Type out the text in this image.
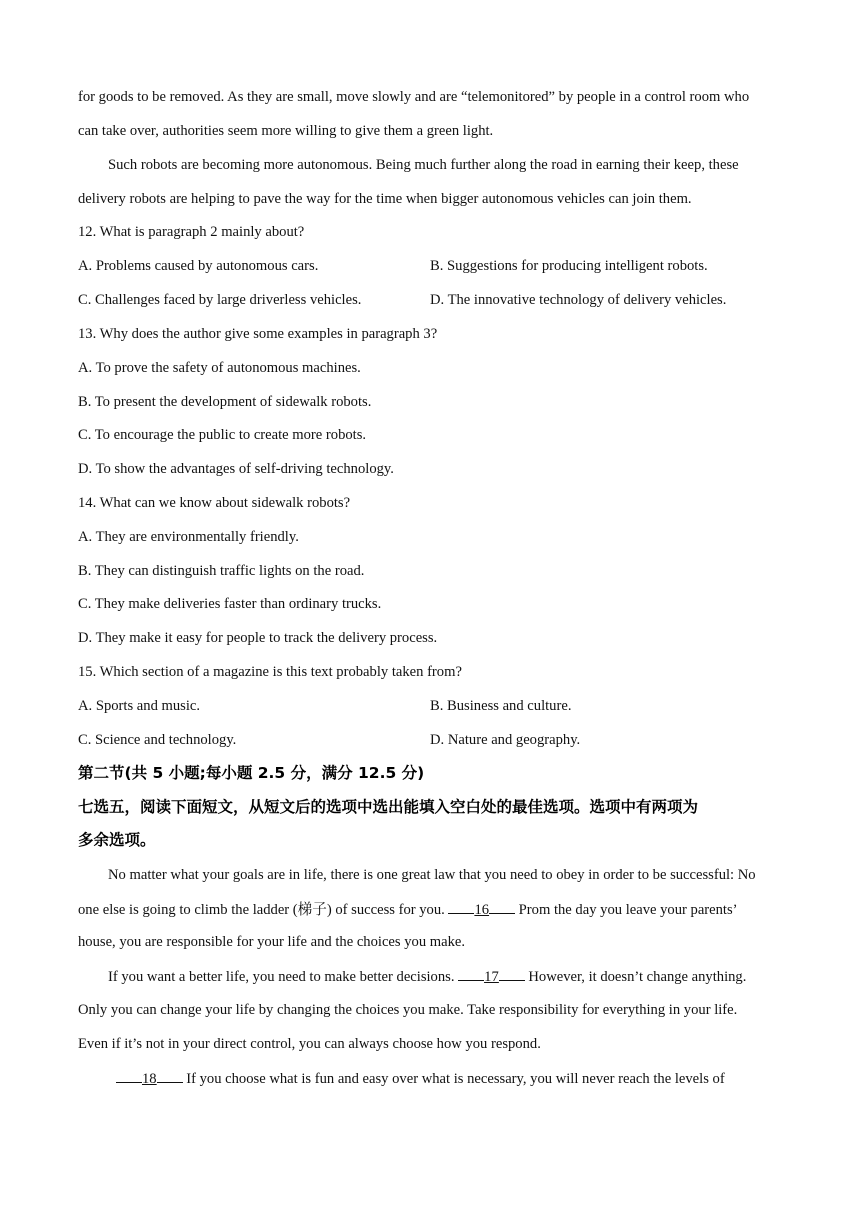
for goods to be removed. As they are small, move slowly and are “telemonitored” by people in a control room who
can take over, authorities seem more willing to give them a green light.
Such robots are becoming more autonomous. Being much further along the road in earning their keep, these
delivery robots are helping to pave the way for the time when bigger autonomous vehicles can join them.
12. What is paragraph 2 mainly about?
A. Problems caused by autonomous cars.	B. Suggestions for producing intelligent robots.
C. Challenges faced by large driverless vehicles.	D. The innovative technology of delivery vehicles.
13. Why does the author give some examples in paragraph 3?
A. To prove the safety of autonomous machines.
B. To present the development of sidewalk robots.
C. To encourage the public to create more robots.
D. To show the advantages of self-driving technology.
14. What can we know about sidewalk robots?
A. They are environmentally friendly.
B. They can distinguish traffic lights on the road.
C. They make deliveries faster than ordinary trucks.
D. They make it easy for people to track the delivery process.
15. Which section of a magazine is this text probably taken from?
A. Sports and music.	B. Business and culture.
C. Science and technology.	D. Nature and geography.
第二节(共 5 小题;每小题 2.5 分，满分 12.5 分)
七选五，阅读下面短文，从短文后的选项中选出能填入空白处的最佳选项。选项中有两项为
多余选项。
No matter what your goals are in life, there is one great law that you need to obey in order to be successful: No
one else is going to climb the ladder (梯子) of success for you. 16 Prom the day you leave your parents’
house, you are responsible for your life and the choices you make.
If you want a better life, you need to make better decisions. 17 However, it doesn’t change anything.
Only you can change your life by changing the choices you make. Take responsibility for everything in your life.
Even if it’s not in your direct control, you can always choose how you respond.
18 If you choose what is fun and easy over what is necessary, you will never reach the levels of
